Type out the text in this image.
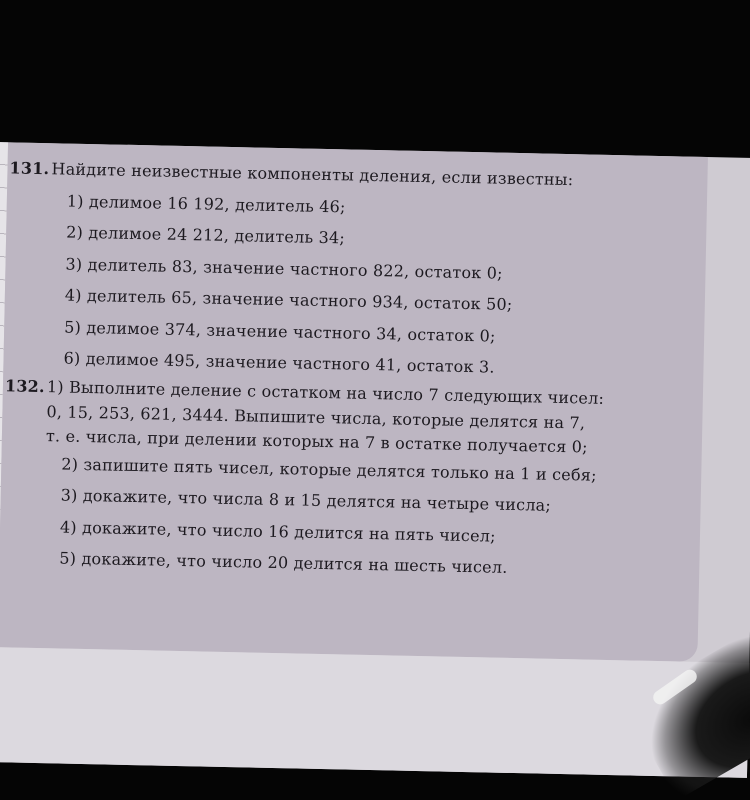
131. Найдите неизвестные компоненты деления, если известны:
1) делимое 16 192, делитель 46;
2) делимое 24 212, делитель 34;
3) делитель 83, значение частного 822, остаток 0;
4) делитель 65, значение частного 934, остаток 50;
5) делимое 374, значение частного 34, остаток 0;
6) делимое 495, значение частного 41, остаток 3.
132. 1) Выполните деление с остатком на число 7 следующих чисел:
0, 15, 253, 621, 3444. Выпишите числа, которые делятся на 7,
т. е. числа, при делении которых на 7 в остатке получается 0;
2) запишите пять чисел, которые делятся только на 1 и себя;
3) докажите, что числа 8 и 15 делятся на четыре числа;
4) докажите, что число 16 делится на пять чисел;
5) докажите, что число 20 делится на шесть чисел.
